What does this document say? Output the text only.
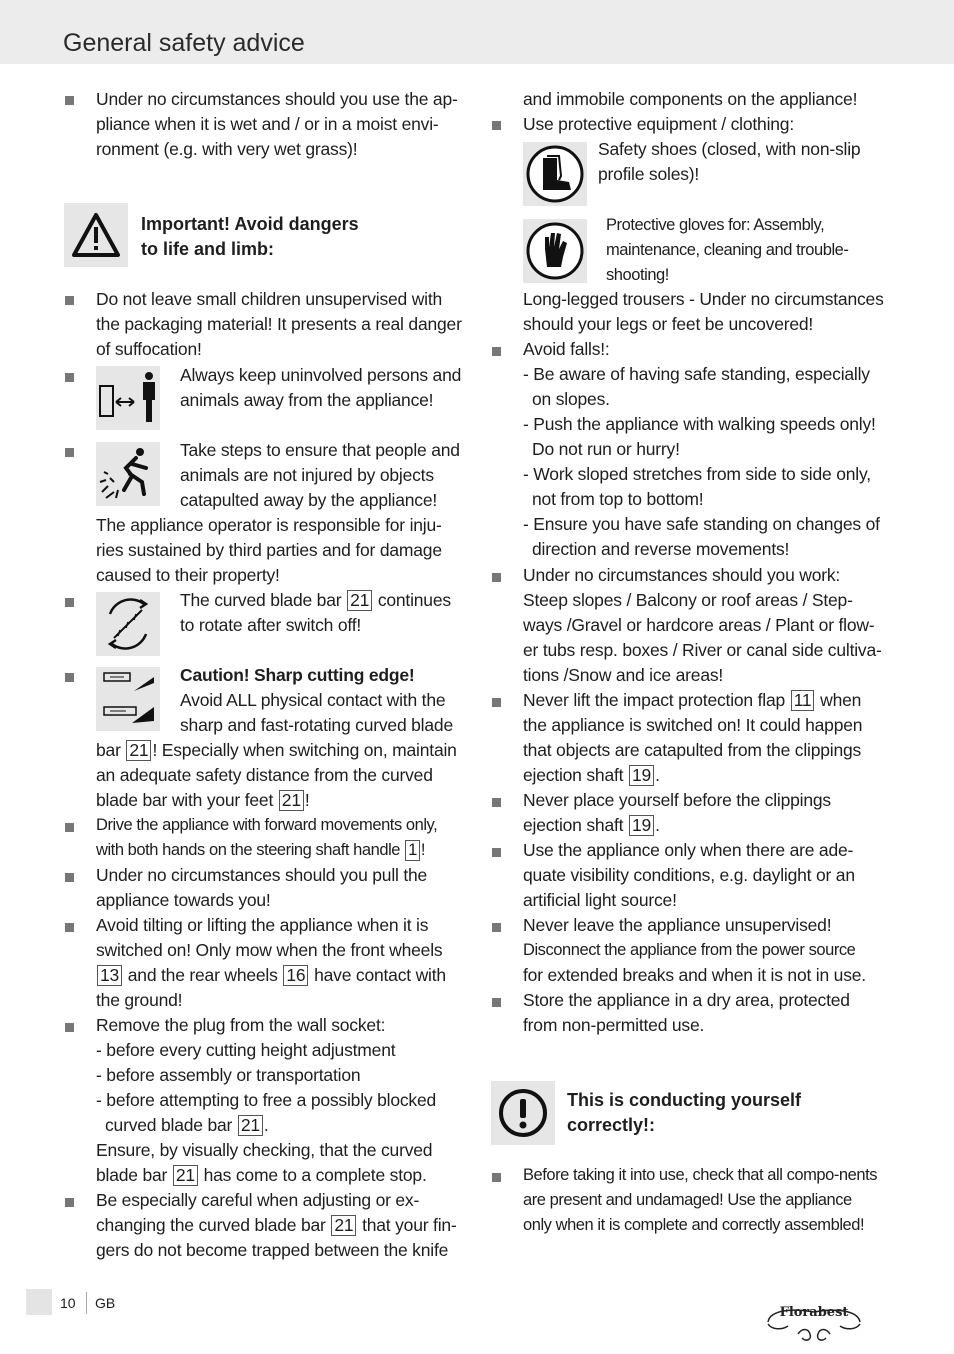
General safety advice
Under no circumstances should you use the ap-
pliance when it is wet and / or in a moist envi-
ronment (e.g. with very wet grass)!
Important! Avoid dangers
to life and limb:
Do not leave small children unsupervised with
the packaging material! It presents a real danger
of suffocation!
Always keep uninvolved persons and
animals away from the appliance!
Take steps to ensure that people and
animals are not injured by objects
catapulted away by the appliance!
The appliance operator is responsible for inju-
ries sustained by third parties and for damage
caused to their property!
The curved blade bar 21 continues
to rotate after switch off!
Caution! Sharp cutting edge!
Avoid ALL physical contact with the
sharp and fast-rotating curved blade
bar 21 ! Especially when switching on, maintain
an adequate safety distance from the curved
blade bar with your feet 21 !
Drive the appliance with forward movements only,
with both hands on the steering shaft handle 1 !
Under no circumstances should you pull the
appliance towards you!
Avoid tilting or lifting the appliance when it is
switched on! Only mow when the front wheels
13 and the rear wheels 16 have contact with
the ground!
Remove the plug from the wall socket:
- before every cutting height adjustment
- before assembly or transportation
- before attempting to free a possibly blocked
curved blade bar 21 .
Ensure, by visually checking, that the curved
blade bar 21 has come to a complete stop.
Be especially careful when adjusting or ex-
changing the curved blade bar 21 that your fin-
gers do not become trapped between the knife
and immobile components on the appliance!
Use protective equipment / clothing:
Safety shoes (closed, with non-slip
profile soles)!
Protective gloves for: Assembly,
maintenance, cleaning and trouble-
shooting!
Long-legged trousers - Under no circumstances
should your legs or feet be uncovered!
Avoid falls!:
- Be aware of having safe standing, especially
on slopes.
- Push the appliance with walking speeds only!
Do not run or hurry!
- Work sloped stretches from side to side only,
not from top to bottom!
- Ensure you have safe standing on changes of
direction and reverse movements!
Under no circumstances should you work:
Steep slopes / Balcony or roof areas / Step-
ways /Gravel or hardcore areas / Plant or flow-
er tubs resp. boxes / River or canal side cultiva-
tions /Snow and ice areas!
Never lift the impact protection flap 11 when
the appliance is switched on! It could happen
that objects are catapulted from the clippings
ejection shaft 19 .
Never place yourself before the clippings
ejection shaft 19 .
Use the appliance only when there are ade-
quate visibility conditions, e.g. daylight or an
artificial light source!
Never leave the appliance unsupervised!
Disconnect the appliance from the power source
for extended breaks and when it is not in use.
Store the appliance in a dry area, protected
from non-permitted use.
This is conducting yourself
correctly!:
Before taking it into use, check that all compo-nents
are present and undamaged! Use the appliance
only when it is complete and correctly assembled!
10 GB
Florabest
